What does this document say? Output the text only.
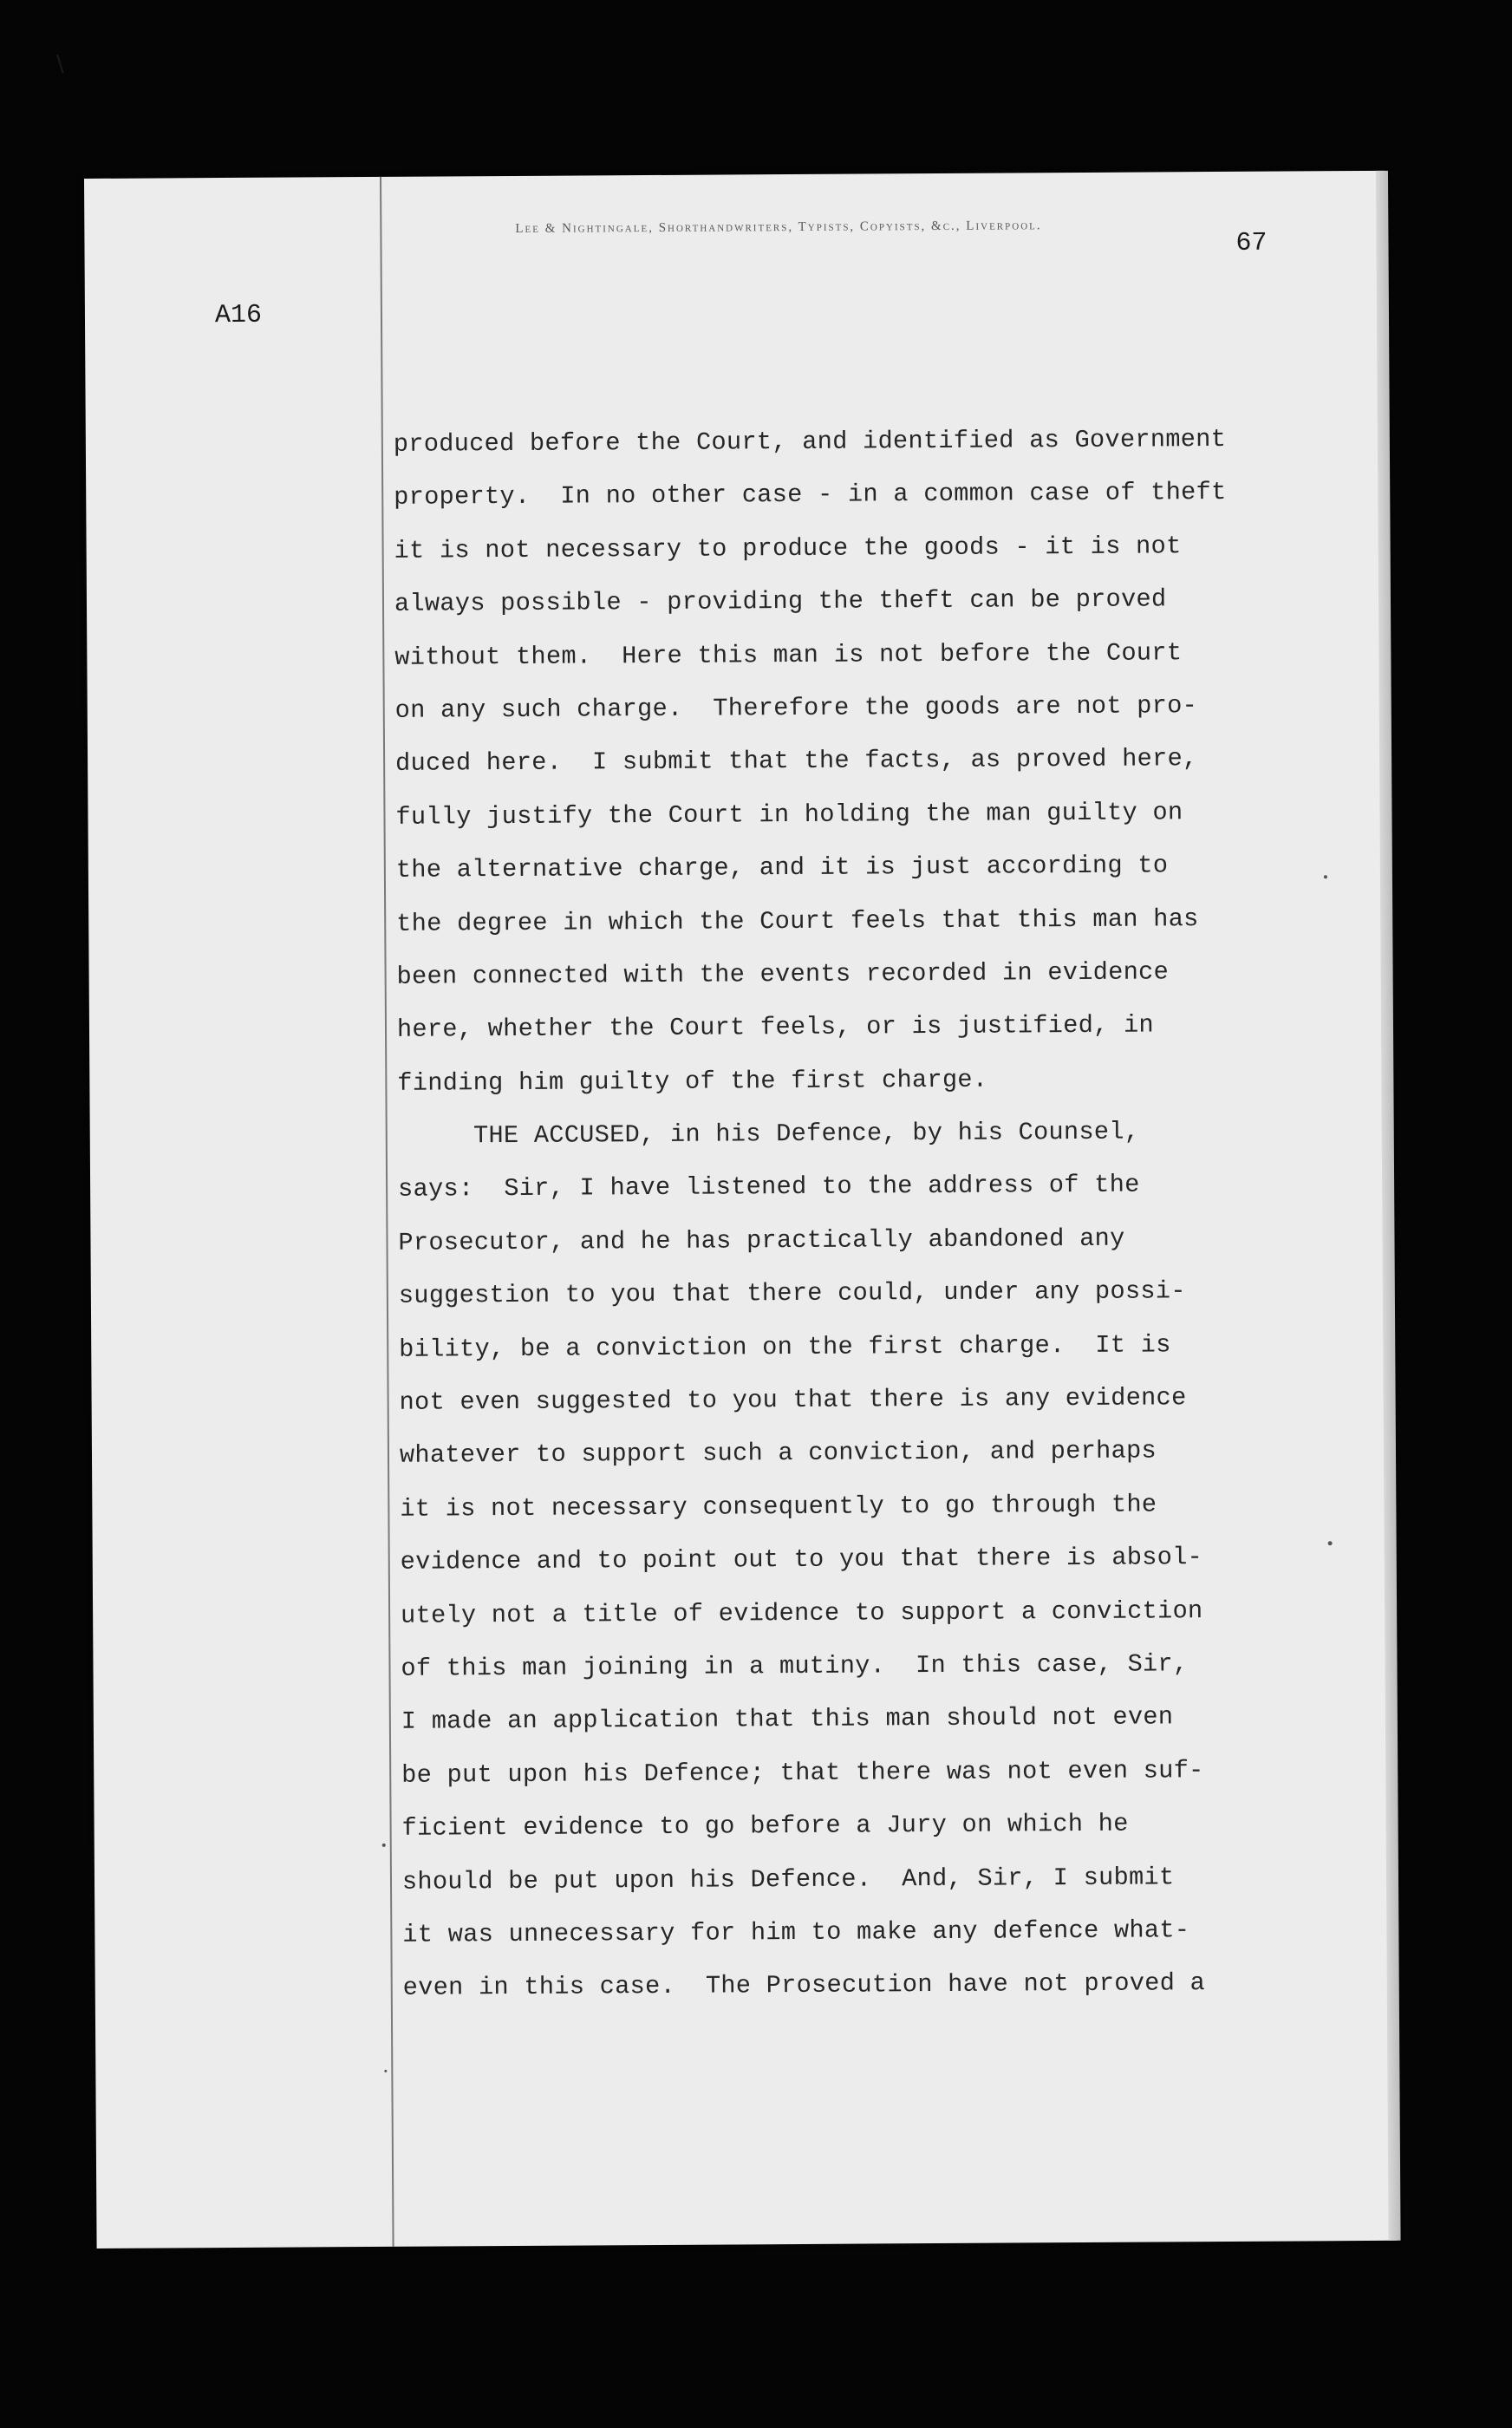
∖
Lee & Nightingale, Shorthandwriters, Typists, Copyists, &c., Liverpool.
67
A16
produced before the Court, and identified as Government
property.  In no other case - in a common case of theft
it is not necessary to produce the goods - it is not
always possible - providing the theft can be proved
without them.  Here this man is not before the Court
on any such charge.  Therefore the goods are not pro-
duced here.  I submit that the facts, as proved here,
fully justify the Court in holding the man guilty on
the alternative charge, and it is just according to
the degree in which the Court feels that this man has
been connected with the events recorded in evidence
here, whether the Court feels, or is justified, in
finding him guilty of the first charge.
THE ACCUSED, in his Defence, by his Counsel,
says:  Sir, I have listened to the address of the
Prosecutor, and he has practically abandoned any
suggestion to you that there could, under any possi-
bility, be a conviction on the first charge.  It is
not even suggested to you that there is any evidence
whatever to support such a conviction, and perhaps
it is not necessary consequently to go through the
evidence and to point out to you that there is absol-
utely not a title of evidence to support a conviction
of this man joining in a mutiny.  In this case, Sir,
I made an application that this man should not even
be put upon his Defence; that there was not even suf-
ficient evidence to go before a Jury on which he
should be put upon his Defence.  And, Sir, I submit
it was unnecessary for him to make any defence what-
even in this case.  The Prosecution have not proved a
